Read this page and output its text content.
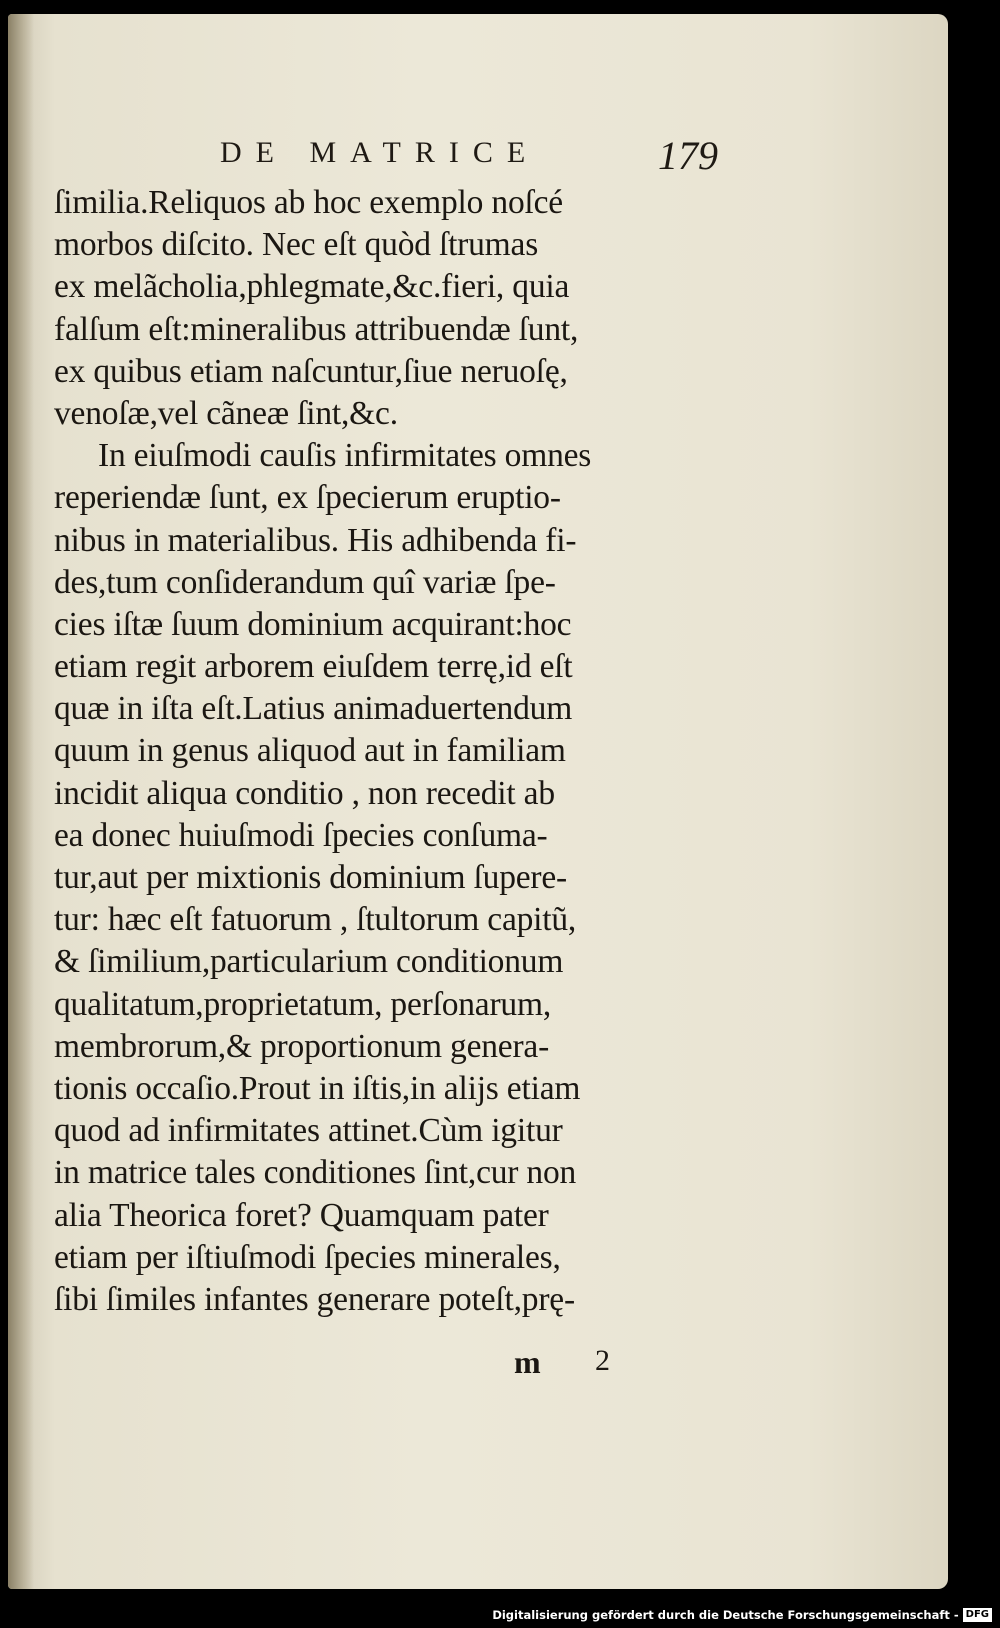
DE MATRICE	179
ſimilia.Reliquos ab hoc exemplo noſcé
morbos diſcito. Nec eſt quòd ſtrumas
ex melãcholia,phlegmate,&c.fieri, quia
falſum eſt:mineralibus attribuendæ ſunt,
ex quibus etiam naſcuntur,ſiue neruoſę,
venoſæ,vel cãneæ ſint,&c.
In eiuſmodi cauſis infirmitates omnes
reperiendæ ſunt, ex ſpecierum eruptio-
nibus in materialibus. His adhibenda fi-
des,tum conſiderandum quî variæ ſpe-
cies iſtæ ſuum dominium acquirant:hoc
etiam regit arborem eiuſdem terrę,id eſt
quæ in iſta eſt.Latius animaduertendum
quum in genus aliquod aut in familiam
incidit aliqua conditio , non recedit ab
ea donec huiuſmodi ſpecies conſuma-
tur,aut per mixtionis dominium ſupere-
tur: hæc eſt fatuorum , ſtultorum capitũ,
& ſimilium,particularium conditionum
qualitatum,proprietatum, perſonarum,
membrorum,& proportionum genera-
tionis occaſio.Prout in iſtis,in alijs etiam
quod ad infirmitates attinet.Cùm igitur
in matrice tales conditiones ſint,cur non
alia Theorica foret? Quamquam pater
etiam per iſtiuſmodi ſpecies minerales,
ſibi ſimiles infantes generare poteſt,prę-
m 2
Digitalisierung gefördert durch die Deutsche Forschungsgemeinschaft - DFG
